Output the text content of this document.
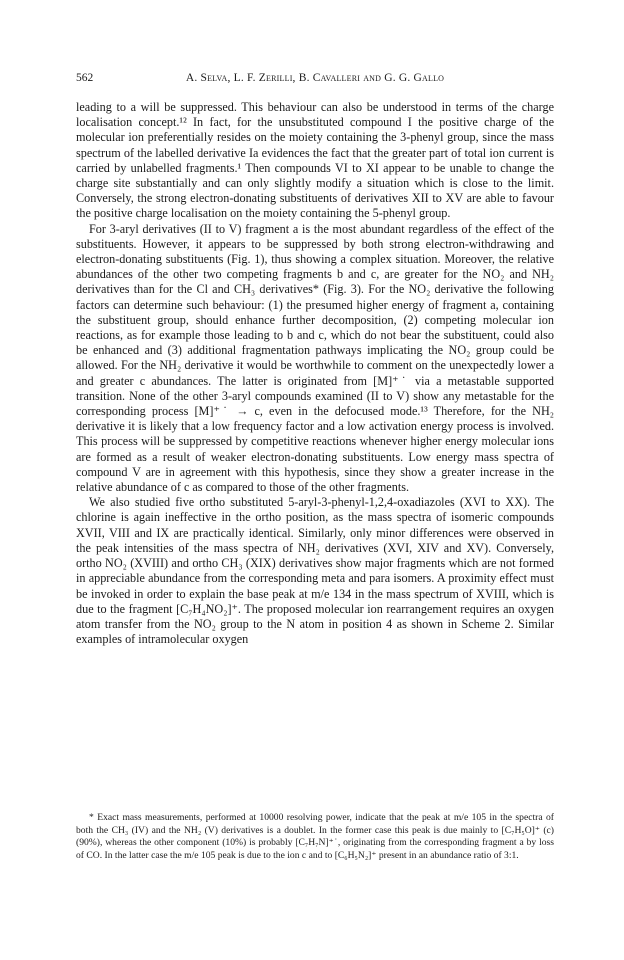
562	A. Selva, L. F. Zerilli, B. Cavalleri and G. G. Gallo

leading to a will be suppressed. This behaviour can also be understood in terms of the charge localisation concept.¹² In fact, for the unsubstituted compound I the positive charge of the molecular ion preferentially resides on the moiety containing the 3-phenyl group, since the mass spectrum of the labelled derivative Ia evidences the fact that the greater part of total ion current is carried by unlabelled fragments.¹ Then compounds VI to XI appear to be unable to change the charge site substantially and can only slightly modify a situation which is close to the limit. Conversely, the strong electron-donating substituents of derivatives XII to XV are able to favour the positive charge localisation on the moiety containing the 5-phenyl group.

For 3-aryl derivatives (II to V) fragment a is the most abundant regardless of the effect of the substituents. However, it appears to be suppressed by both strong electron-withdrawing and electron-donating substituents (Fig. 1), thus showing a complex situation. Moreover, the relative abundances of the other two competing fragments b and c, are greater for the NO₂ and NH₂ derivatives than for the Cl and CH₃ derivatives* (Fig. 3). For the NO₂ derivative the following factors can determine such behaviour: (1) the presumed higher energy of fragment a, containing the substituent group, should enhance further decomposition, (2) competing molecular ion reactions, as for example those leading to b and c, which do not bear the substituent, could also be enhanced and (3) additional fragmentation pathways implicating the NO₂ group could be allowed. For the NH₂ derivative it would be worthwhile to comment on the unexpectedly lower a and greater c abundances. The latter is originated from [M]⁺˙ via a metastable supported transition. None of the other 3-aryl compounds examined (II to V) show any metastable for the corresponding process [M]⁺˙ → c, even in the defocused mode.¹³ Therefore, for the NH₂ derivative it is likely that a low frequency factor and a low activation energy process is involved. This process will be suppressed by competitive reactions whenever higher energy molecular ions are formed as a result of weaker electron-donating substituents. Low energy mass spectra of compound V are in agreement with this hypothesis, since they show a greater increase in the relative abundance of c as compared to those of the other fragments.

We also studied five ortho substituted 5-aryl-3-phenyl-1,2,4-oxadiazoles (XVI to XX). The chlorine is again ineffective in the ortho position, as the mass spectra of isomeric compounds XVII, VIII and IX are practically identical. Similarly, only minor differences were observed in the peak intensities of the mass spectra of NH₂ derivatives (XVI, XIV and XV). Conversely, ortho NO₂ (XVIII) and ortho CH₃ (XIX) derivatives show major fragments which are not formed in appreciable abundance from the corresponding meta and para isomers. A proximity effect must be invoked in order to explain the base peak at m/e 134 in the mass spectrum of XVIII, which is due to the fragment [C₇H₄NO₂]⁺. The proposed molecular ion rearrangement requires an oxygen atom transfer from the NO₂ group to the N atom in position 4 as shown in Scheme 2. Similar examples of intramolecular oxygen

* Exact mass measurements, performed at 10000 resolving power, indicate that the peak at m/e 105 in the spectra of both the CH₃ (IV) and the NH₂ (V) derivatives is a doublet. In the former case this peak is due mainly to [C₇H₅O]⁺ (c) (90%), whereas the other component (10%) is probably [C₇H₇N]⁺˙, originating from the corresponding fragment a by loss of CO. In the latter case the m/e 105 peak is due to the ion c and to [C₆H₅N₂]⁺ present in an abundance ratio of 3:1.
